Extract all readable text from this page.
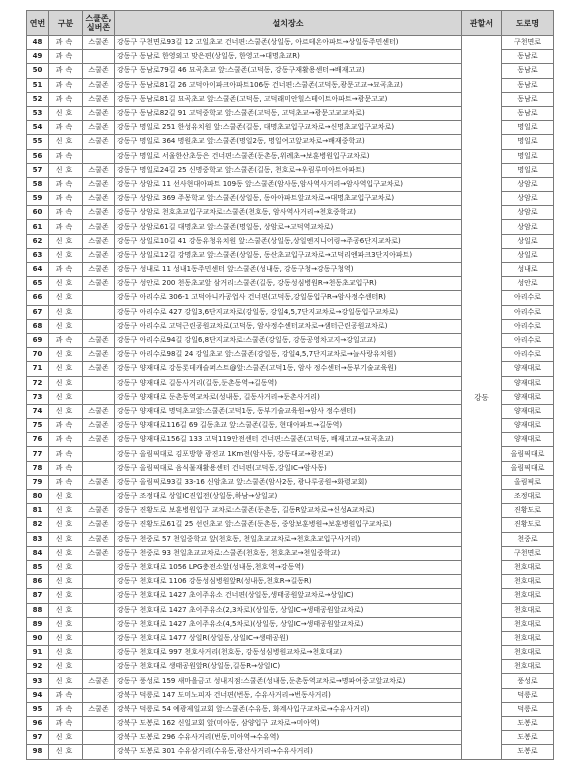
연번	구분	스쿨존,
실버존	설치장소	관할서	도로명
48	과속	스쿨존	강동구 구천면로93길 12 고일초교 건너편:스쿨존(상일동, 아르테온아파트→상일동주민센터)	강동	구천면로
49	과속		강동구 동남로 한영외고 맞은편(상일동, 한영고→대명초교R)		동남로
50	과속	스쿨존	강동구 동남로79길 46 묘곡초교 앞:스쿨존(고덕동, 강동구재활용센터→배재고교)		동남로
51	과속	스쿨존	강동구 동남로81길 26 고덕아이파크아파트106동 건너편:스쿨존(고덕동,광문고교→묘곡초교)		동남로
52	과속	스쿨존	강동구 동남로81길 묘곡초교 앞:스쿨존(고덕동, 고덕래미안힐스테이트아파트→광문고교)		동남로
53	신호	스쿨존	강동구 동남로82길 91 고덕중학교 앞:스쿨존(고덕동, 고덕초교→광문고교교차로)		동남로
54	과속	스쿨존	강동구 명일로 251 한성유치원 앞:스쿨존(길동, 대명초교입구교차로→신명초교입구교차로)		명일로
55	신호	스쿨존	강동구 명일로 364 명원초교 앞:스쿨존(명일2동, 명일여고앞교차로→배재중학교)		명일로
56	과속		강동구 명일로 서울한산초등은 건너편:스쿨존(둔촌동,위례초→보훈병원입구교차로)		명일로
57	신호	스쿨존	강동구 명일로24길 25 신명중학교 앞:스쿨존(길동, 천호로→우림루미아트아파트)		명일로
58	과속	스쿨존	강동구 상암로 11 선사현대아파트 109동 앞:스쿨존(암사동,암사역사거리→암사역입구교차로)		상암로
59	과속	스쿨존	강동구 상암로 369 주몽학교 앞:스쿨존(상일동, 동아아파트앞교차로→대명초교입구교차로)		상암로
60	과속	스쿨존	강동구 상암로 천호초교입구교차로:스쿨존(천호동, 암사역사거리→천호중학교)		상암로
61	과속	스쿨존	강동구 상암로61길 대명초교 앞:스쿨존(명일동, 상암로→고덕역교차로)		상암로
62	신호	스쿨존	강동구 상일로10길 41 강동유청유치원 앞:스쿨존(상일동,상일엔지니어링→주공6단지교차로)		상일로
63	신호	스쿨존	강동구 상일로12길 강명초교 앞:스쿨존(상일동, 동산초교입구교차로→고덕리엔파크3단지아파트)		상일로
64	과속	스쿨존	강동구 성내로 11 성내1동주민센터 앞:스쿨존(성내동, 강동구청→강동구청역)		성내로
65	신호	스쿨존	강동구 성안로 200 천동초교앞 삼거리:스쿨존(길동, 강동성심병원R→천동초교입구R)		성안로
66	신호		강동구 아리수로 306-1 고덕아니카공업사 건너편(고덕동,강일동입구R→암사정수센터R)		아리수로
67	신호		강동구 아리수로 427 강일3,6단지교차로(강일동, 강일4,5,7단지교차로→강일동입구교차로)		아리수로
68	신호		강동구 아리수로 고덕근린공원교차로(고덕동, 암사정수센터교차로→샘터근린공원교차로)		아리수로
69	과속	스쿨존	강동구 아리수로94길 강일6,8단지교차로:스쿨존(강일동, 강동공영차고지→강일고교)		아리수로
70	신호	스쿨존	강동구 아리수로98길 24 강일초교 앞:스쿨존(강일동, 강일4,5,7단지교차로→늘사랑유치원)		아리수로
71	신호	스쿨존	강동구 양재대로 강동롯데캐슬퍼스트@앞:스쿨존(고덕1동, 암사 정수센터→동부기술교육원)		양재대로
72	신호		강동구 양재대로 길동사거리(길동,둔촌동역→길동역)		양재대로
73	신호		강동구 양재대로 둔촌동역교차로(성내동, 길동사거리→둔촌사거리)		양재대로
74	신호	스쿨존	강동구 양재대로 명덕초교앞:스쿨존(고덕1동, 동부기술교육원→암사 정수센터)		양재대로
75	과속	스쿨존	강동구 양재대로116길 69 길동초교 앞:스쿨존(길동, 현대아파트→길동역)		양재대로
76	과속	스쿨존	강동구 양재대로156길 133 고덕119안전센터 건너편:스쿨존(고덕동, 배재고교→묘곡초교)		양재대로
77	과속		강동구 올림픽대로 김포방향 광진교 1Km전(암사동, 강동대교→광진교)		올림픽대로
78	과속		강동구 올림픽대로 음식물재활용센터 건너편(고덕동,강일IC→암사동)		올림픽대로
79	과속	스쿨존	강동구 올림픽로93길 33-16 신암초교 앞:스쿨존(암사2동, 광나루공원→화령교회)		올림픽로
80	신호		강동구 조정대로 상일IC진입전(상일동,하남→상일교)		조정대로
81	신호	스쿨존	강동구 진황도로 보훈병원입구 교차로:스쿨존(둔촌동, 길동R앞교차로→신성A교차로)		진황도로
82	신호	스쿨존	강동구 진황도로61길 25 선린초교 앞:스쿨존(둔촌동, 중앙보훈병원→보훈병원입구교차로)		진황도로
83	신호	스쿨존	강동구 천중로 57 천일중학교 앞(천호동, 천일초교교차로→천호초교입구사거리)		천중로
84	신호	스쿨존	강동구 천중로 93 천일초교교차로:스쿨존(천호동, 천호초교→천일중학교)		구천면로
85	신호		강동구 천호대로 1056 LPG충전소앞(성내동,천호역→강동역)		천호대로
86	신호		강동구 천호대로 1106 강동성심병원앞R(성내동,천호R→길동R)		천호대로
87	신호		강동구 천호대로 1427 초이주유소 건너편(상일동,생태공원앞교차로→상일IC)		천호대로
88	신호		강동구 천호대로 1427 초이주유소(2,3차로)(상일동, 상일IC→생태공원앞교차로)		천호대로
89	신호		강동구 천호대로 1427 초이주유소(4,5차로)(상일동, 상일IC→생태공원앞교차로)		천호대로
90	신호		강동구 천호대로 1477 상일R(상일동,상일IC→생태공원)		천호대로
91	신호		강동구 천호대로 997 천호사거리(천호동, 강동성심병원교차로→천호대교)		천호대로
92	신호		강동구 천호대로 생태공원앞R(상일동,길동R→상일IC)		천호대로
93	신호	스쿨존	강동구 풍성로 159 새마을금고 성내지점:스쿨존(성내동,둔촌동역교차로→명파여중고앞교차로)		풍성로
94	과속		강북구 덕릉로 147 도미노피자 건너편(번동, 수유사거리→번동사거리)		덕릉로
95	과속	스쿨존	강북구 덕릉로 54 예광제일교회 앞:스쿨존(수유동, 화계사입구교차로→수유사거리)		덕릉로
96	과속		강북구 도봉로 162 신일교회 앞(미아동, 삼양입구 교차로→미아역)		도봉로
97	신호		강북구 도봉로 296 수유사거리(번동,미아역→수유역)		도봉로
98	신호		강북구 도봉로 301 수유삼거리(수유동,광산사거리→수유사거리)		도봉로
